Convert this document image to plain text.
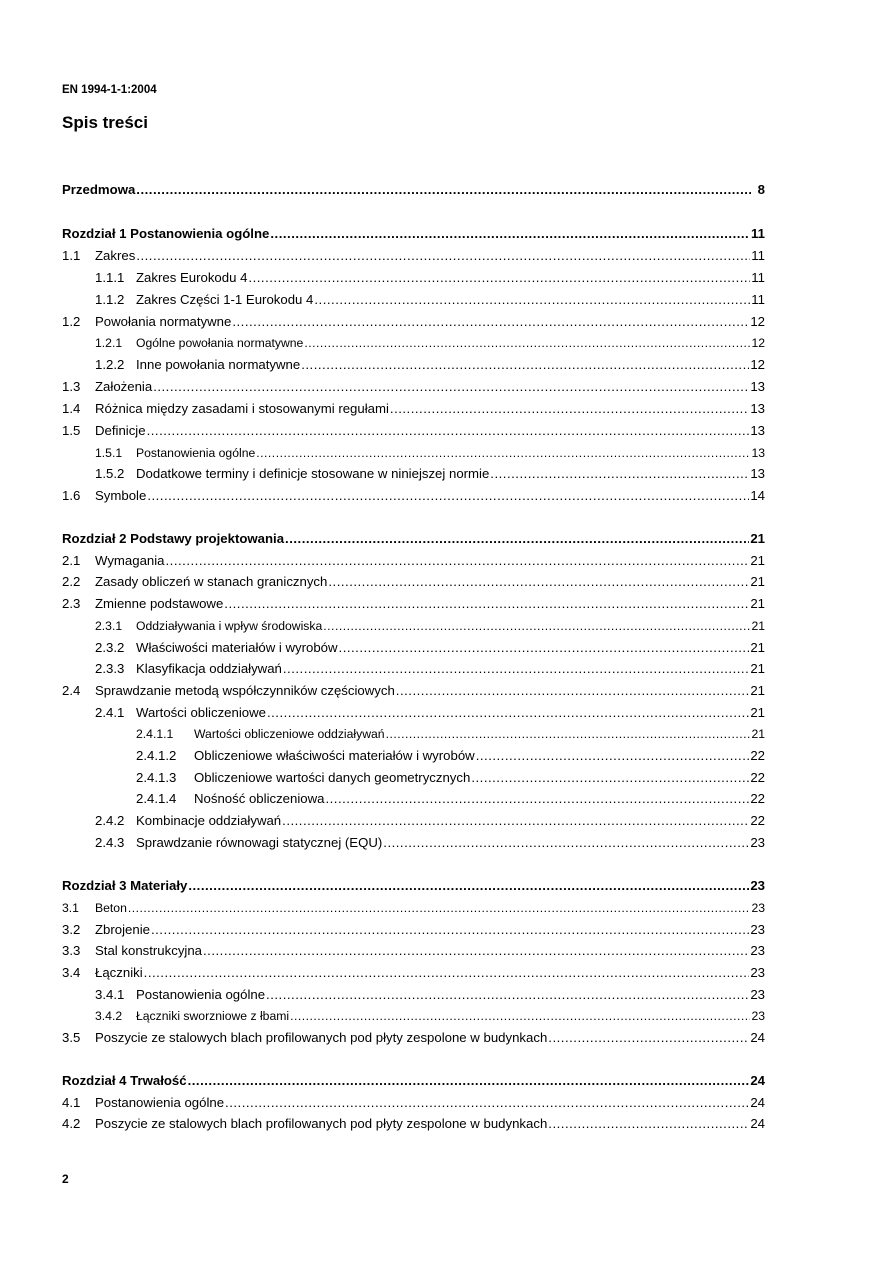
EN 1994-1-1:2004
Spis treści
Przedmowa .....	8
Rozdział 1 Postanowienia ogólne .....	11
1.1	Zakres .....	11
1.1.1 Zakres Eurokodu 4 .....	11
1.1.2 Zakres Części 1-1 Eurokodu 4 .....	11
1.2	Powołania normatywne .....	12
1.2.1	Ogólne powołania normatywne .....	12
1.2.2 Inne powołania normatywne .....	12
1.3	Założenia .....	13
1.4	Różnica między zasadami i stosowanymi regułami .....	13
1.5	Definicje .....	13
1.5.1	Postanowienia ogólne .....	13
1.5.2 Dodatkowe terminy i definicje stosowane w niniejszej normie .....	13
1.6	Symbole .....	14
Rozdział 2 Podstawy projektowania .....	21
2.1	Wymagania .....	21
2.2	Zasady obliczeń w stanach granicznych .....	21
2.3	Zmienne podstawowe .....	21
2.3.1	Oddziaływania i wpływ środowiska .....	21
2.3.2 Właściwości materiałów i wyrobów .....	21
2.3.3 Klasyfikacja oddziaływań .....	21
2.4	Sprawdzanie metodą współczynników częściowych .....	21
2.4.1 Wartości obliczeniowe .....	21
2.4.1.1	Wartości obliczeniowe oddziaływań .....	21
2.4.1.2	Obliczeniowe właściwości materiałów i wyrobów .....	22
2.4.1.3	Obliczeniowe wartości danych geometrycznych .....	22
2.4.1.4	Nośność obliczeniowa .....	22
2.4.2 Kombinacje oddziaływań .....	22
2.4.3 Sprawdzanie równowagi statycznej (EQU) .....	23
Rozdział 3 Materiały .....	23
3.1	Beton .....	23
3.2	Zbrojenie .....	23
3.3	Stal konstrukcyjna .....	23
3.4	Łączniki .....	23
3.4.1 Postanowienia ogólne .....	23
3.4.2	Łączniki sworzniowe z łbami .....	23
3.5	Poszycie ze stalowych blach profilowanych pod płyty zespolone w budynkach .....	24
Rozdział 4 Trwałość .....	24
4.1	Postanowienia ogólne .....	24
4.2	Poszycie ze stalowych blach profilowanych pod płyty zespolone w budynkach .....	24
2
